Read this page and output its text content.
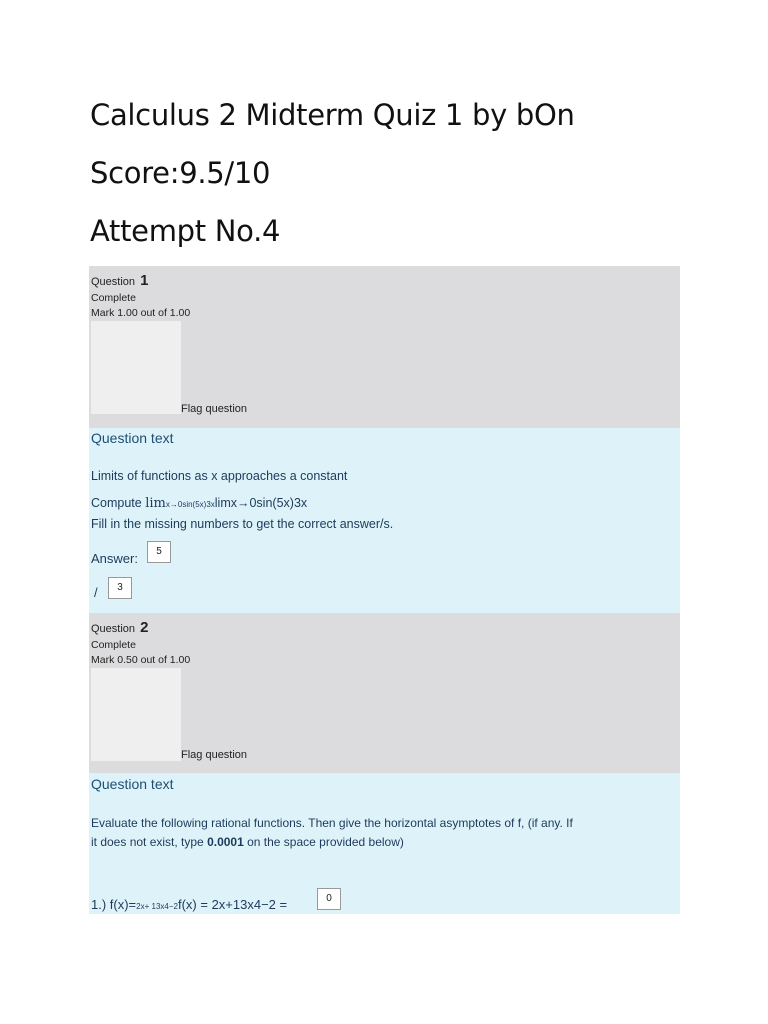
Calculus 2 Midterm Quiz 1 by bOn
Score:9.5/10
Attempt No.4
Question 1
Complete
Mark 1.00 out of 1.00
Flag question
Question text
Limits of functions as x approaches a constant
Compute limx→0sin(5x)3xlimx→0sin(5x)3x
Fill in the missing numbers to get the correct answer/s.
Answer:	5
/	3
Question 2
Complete
Mark 0.50 out of 1.00
Flag question
Question text
Evaluate the following rational functions. Then give the horizontal asymptotes of f, (if any. If
it does not exist, type 0.0001 on the space provided below)
1.) f(x)=2x+ 13x4−2f(x) = 2x+13x4−2 =	0
